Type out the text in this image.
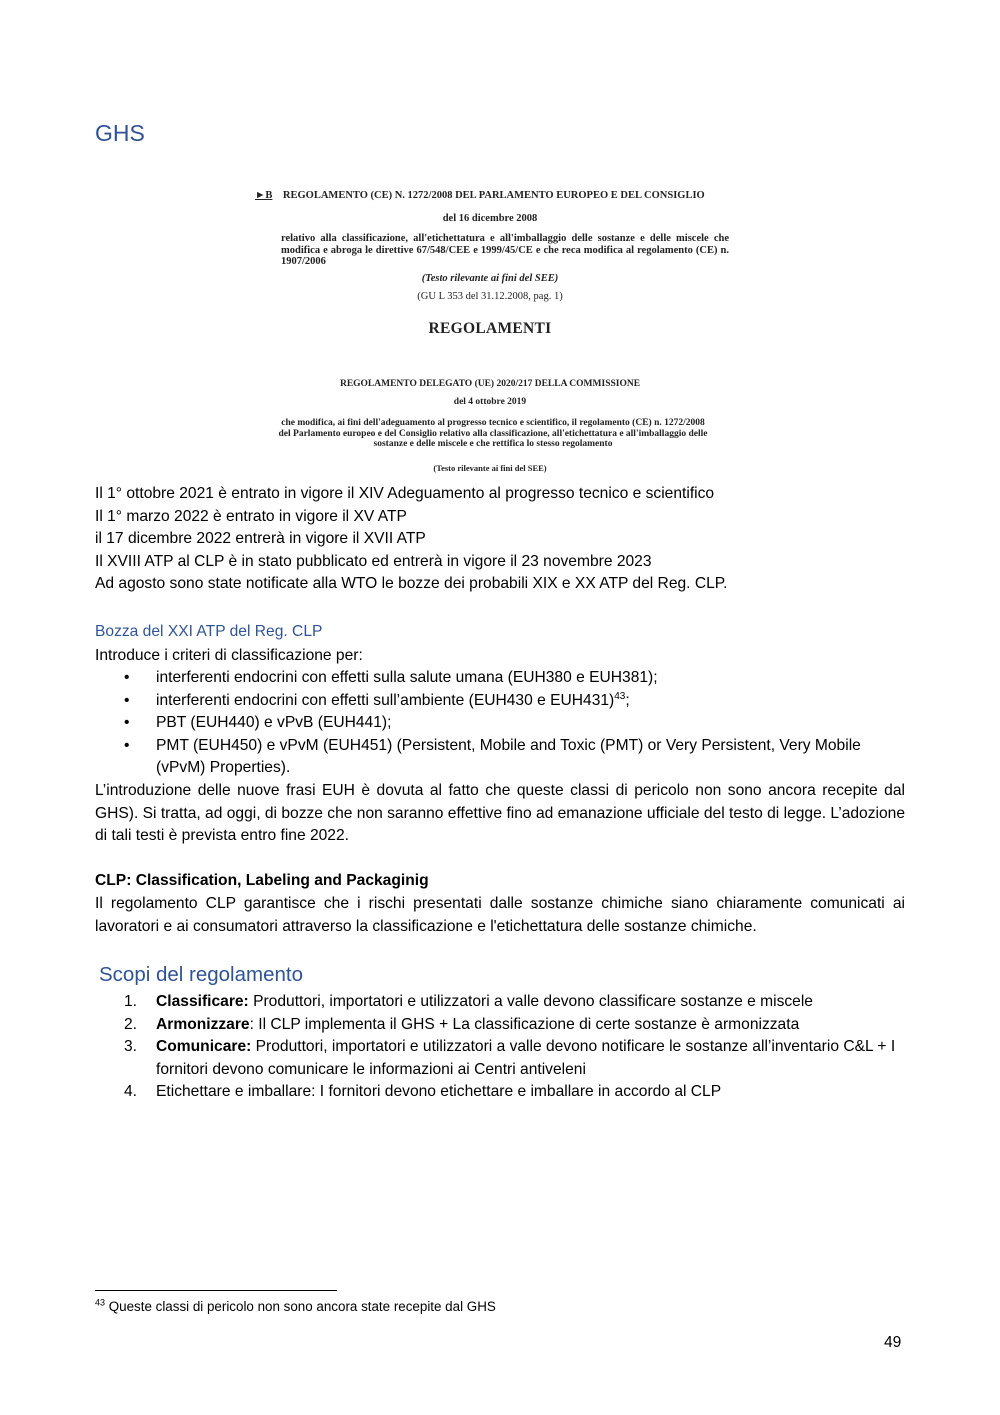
GHS
►B REGOLAMENTO (CE) N. 1272/2008 DEL PARLAMENTO EUROPEO E DEL CONSIGLIO
del 16 dicembre 2008
relativo alla classificazione, all'etichettatura e all'imballaggio delle sostanze e delle miscele che modifica e abroga le direttive 67/548/CEE e 1999/45/CE e che reca modifica al regolamento (CE) n. 1907/2006
(Testo rilevante ai fini del SEE)
(GU L 353 del 31.12.2008, pag. 1)
REGOLAMENTI
REGOLAMENTO DELEGATO (UE) 2020/217 DELLA COMMISSIONE
del 4 ottobre 2019
che modifica, ai fini dell'adeguamento al progresso tecnico e scientifico, il regolamento (CE) n. 1272/2008 del Parlamento europeo e del Consiglio relativo alla classificazione, all'etichettatura e all'imballaggio delle sostanze e delle miscele e che rettifica lo stesso regolamento
(Testo rilevante ai fini del SEE)
Il 1° ottobre 2021 è entrato in vigore il XIV Adeguamento al progresso tecnico e scientifico
Il 1° marzo 2022 è entrato in vigore il XV ATP
il 17 dicembre 2022 entrerà in vigore il XVII ATP
Il XVIII ATP al CLP è in stato pubblicato ed entrerà in vigore il 23 novembre 2023
Ad agosto sono state notificate alla WTO le bozze dei probabili XIX e XX ATP del Reg. CLP.
Bozza del XXI ATP del Reg. CLP
Introduce i criteri di classificazione per:
• interferenti endocrini con effetti sulla salute umana (EUH380 e EUH381);
• interferenti endocrini con effetti sull’ambiente (EUH430 e EUH431)$^{43}$;
• PBT (EUH440) e vPvB (EUH441);
• PMT (EUH450) e vPvM (EUH451) (Persistent, Mobile and Toxic (PMT) or Very Persistent, Very Mobile (vPvM) Properties).
L’introduzione delle nuove frasi EUH è dovuta al fatto che queste classi di pericolo non sono ancora recepite dal GHS). Si tratta, ad oggi, di bozze che non saranno effettive fino ad emanazione ufficiale del testo di legge. L’adozione di tali testi è prevista entro fine 2022.
CLP: Classification, Labeling and Packaginig
Il regolamento CLP garantisce che i rischi presentati dalle sostanze chimiche siano chiaramente comunicati ai lavoratori e ai consumatori attraverso la classificazione e l'etichettatura delle sostanze chimiche.
Scopi del regolamento
1. Classificare: Produttori, importatori e utilizzatori a valle devono classificare sostanze e miscele
2. Armonizzare: Il CLP implementa il GHS + La classificazione di certe sostanze è armonizzata
3. Comunicare: Produttori, importatori e utilizzatori a valle devono notificare le sostanze all’inventario C&L + I fornitori devono comunicare le informazioni ai Centri antiveleni
4. Etichettare e imballare: I fornitori devono etichettare e imballare in accordo al CLP
$^{43}$ Queste classi di pericolo non sono ancora state recepite dal GHS
49
